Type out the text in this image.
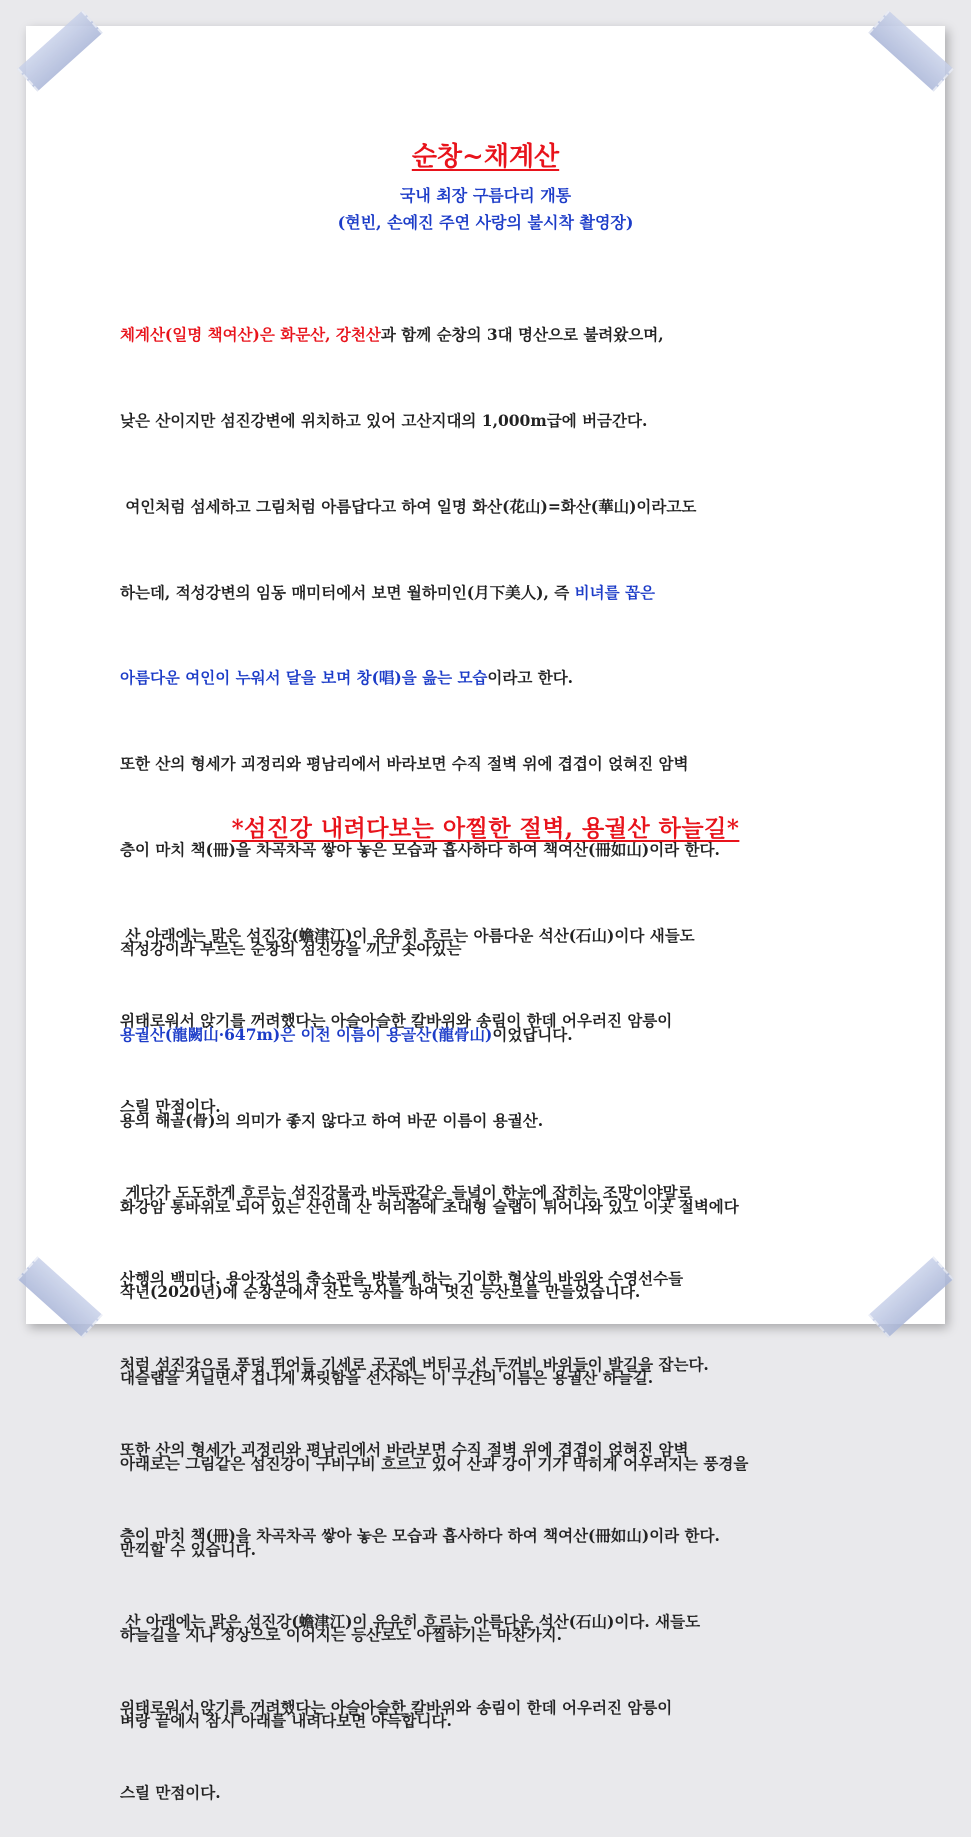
순창~채계산
국내 최장 구름다리 개통
(현빈, 손예진 주연 사랑의 불시착 촬영장)

체계산(일명 책여산)은 화문산, 강천산과 함께 순창의 3대 명산으로 불려왔으며,

낮은 산이지만 섬진강변에 위치하고 있어 고산지대의 1,000m급에 버금간다.

여인처럼 섬세하고 그림처럼 아름답다고 하여 일명 화산(花山)=화산(華山)이라고도

하는데, 적성강변의 임동 매미터에서 보면 월하미인(月下美人), 즉 비녀를 꼽은

아름다운 여인이 누워서 달을 보며 창(唱)을 읊는 모습이라고 한다.

또한 산의 형세가 괴정리와 평남리에서 바라보면 수직 절벽 위에 겹겹이 얹혀진 암벽

층이 마치 책(冊)을 차곡차곡 쌓아 놓은 모습과 흡사하다 하여 책여산(冊如山)이라 한다.

산 아래에는 맑은 섬진강(蟾津江)이 유유히 흐르는 아름다운 석산(石山)이다 새들도

위태로워서 앉기를 꺼려했다는 아슬아슬한 칼바위와 송림이 한데 어우러진 암릉이

스릴 만점이다.

게다가 도도하게 흐르는 섬진강물과 바둑판같은 들녘이 한눈에 잡히는 조망이야말로

산행의 백미다. 용아장성의 축소판을 방불케 하는 기이한 형상의 바위와 수영선수들

처럼 섬진강으로 풍덩 뛰어들 기세로 곳곳에 버티고 선 두꺼비 바위들이 발길을 잡는다.

또한 산의 형세가 괴정리와 평남리에서 바라보면 수직 절벽 위에 겹겹이 얹혀진 암벽

층이 마치 책(冊)을 차곡차곡 쌓아 놓은 모습과 흡사하다 하여 책여산(冊如山)이라 한다.

산 아래에는 맑은 섬진강(蟾津江)이 유유히 흐르는 아름다운 석산(石山)이다. 새들도

위태로워서 앉기를 꺼려했다는 아슬아슬한 칼바위와 송림이 한데 어우러진 암릉이

스릴 만점이다.

*섬진강 내려다보는 아찔한 절벽, 용궐산 하늘길*

적성강이라 부르는 순창의 섬진강을 끼고 솟아있는

용궐산(龍闕山·647m)은 이전 이름이 용골산(龍骨山)이었답니다.

용의 해골(骨)의 의미가 좋지 않다고 하여 바꾼 이름이 용궐산.

화강암 통바위로 되어 있는 산인데 산 허리쯤에 초대형 슬랩이 튀어나와 있고 이곳 절벽에다

작년(2020년)에 순창군에서 잔도 공사를 하여 멋진 등산로를 만들었습니다.

대슬랩을 거닐면서 겁나게 짜릿함을 선사하는 이 구간의 이름은 용궐산 하늘길.

아래로는 그림같은 섬진강이 구비구비 흐르고 있어 산과 강이 기가 막히게 어우러지는 풍경을

만끽할 수 있습니다.

하늘길을 지나 정상으로 이어지는 등산로도 아찔하기는 마찬가지.

벼랑 끝에서 잠시 아래를 내려다보면 아득합니다.
